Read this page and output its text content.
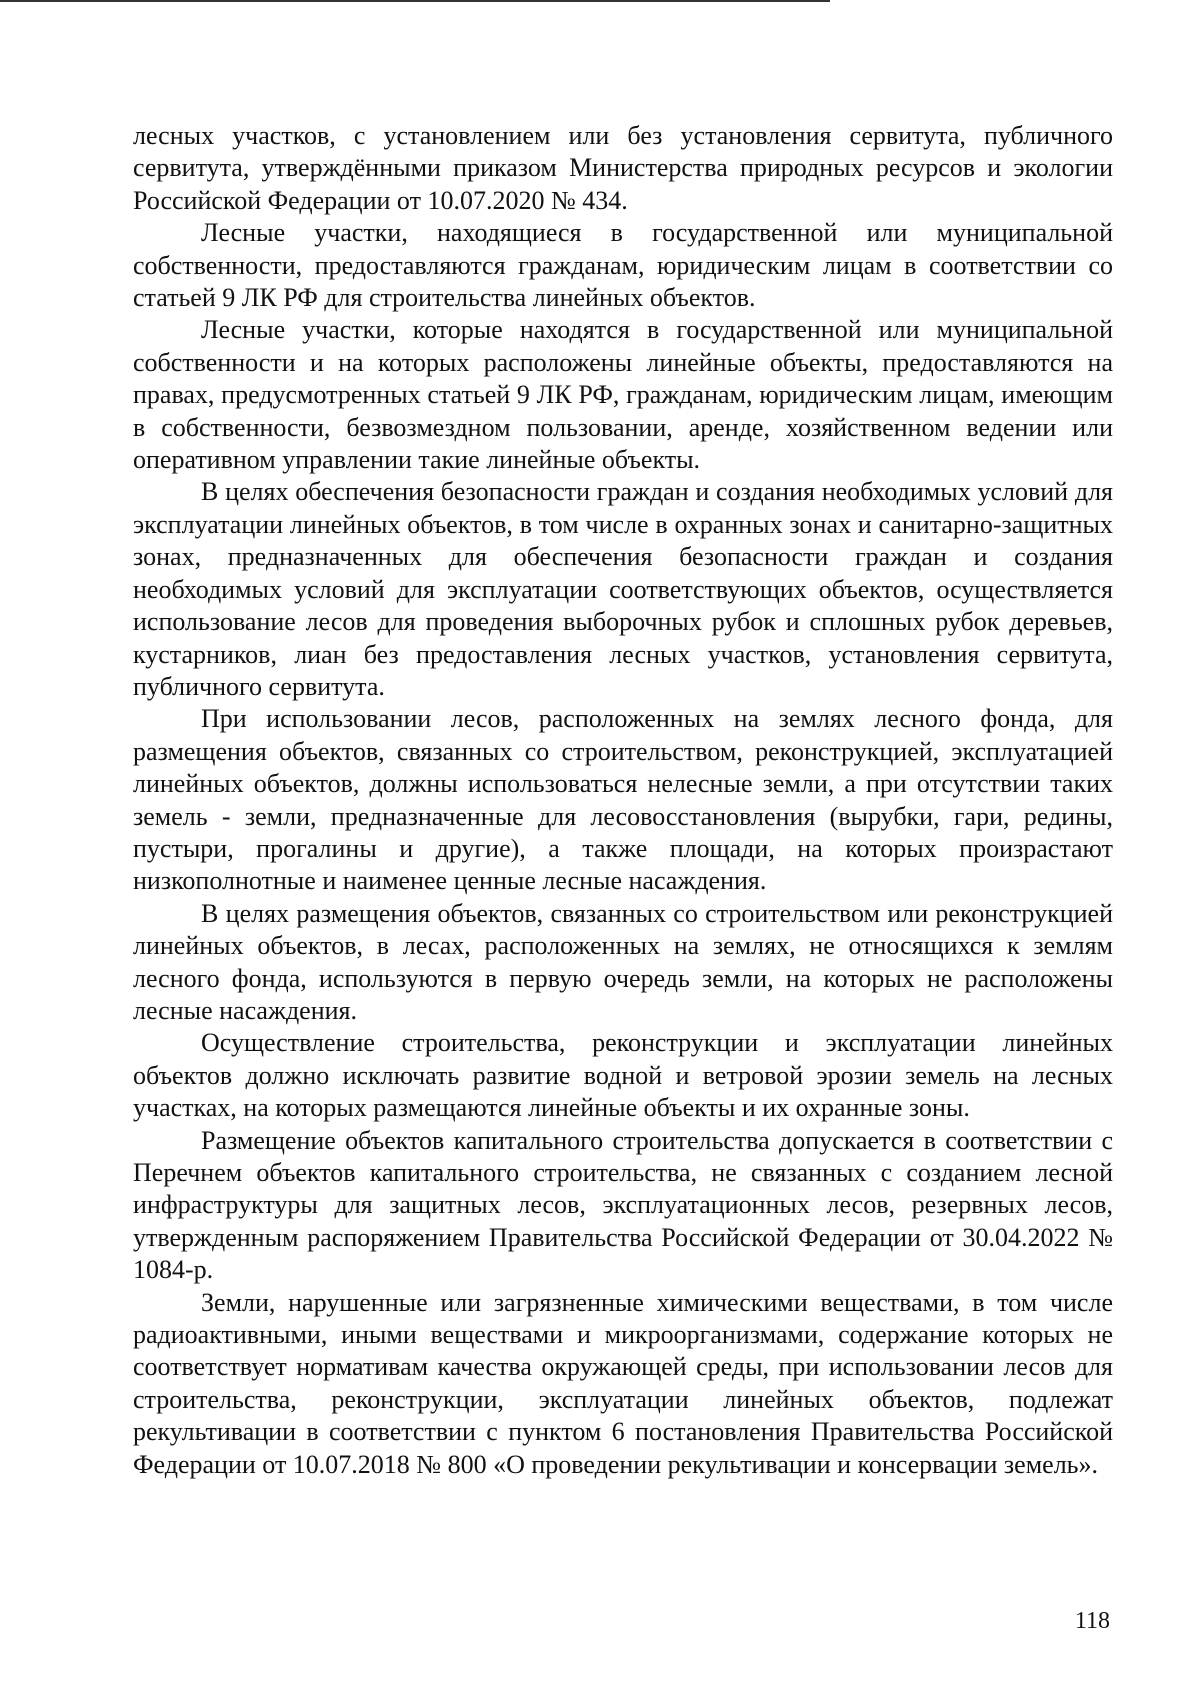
лесных участков, с установлением или без установления сервитута, публичного сервитута, утверждёнными приказом Министерства природных ресурсов и экологии Российской Федерации от 10.07.2020 № 434.

Лесные участки, находящиеся в государственной или муниципальной собственности, предоставляются гражданам, юридическим лицам в соответствии со статьей 9 ЛК РФ для строительства линейных объектов.

Лесные участки, которые находятся в государственной или муниципальной собственности и на которых расположены линейные объекты, предоставляются на правах, предусмотренных статьей 9 ЛК РФ, гражданам, юридическим лицам, имеющим в собственности, безвозмездном пользовании, аренде, хозяйственном ведении или оперативном управлении такие линейные объекты.

В целях обеспечения безопасности граждан и создания необходимых условий для эксплуатации линейных объектов, в том числе в охранных зонах и санитарно-защитных зонах, предназначенных для обеспечения безопасности граждан и создания необходимых условий для эксплуатации соответствующих объектов, осуществляется использование лесов для проведения выборочных рубок и сплошных рубок деревьев, кустарников, лиан без предоставления лесных участков, установления сервитута, публичного сервитута.

При использовании лесов, расположенных на землях лесного фонда, для размещения объектов, связанных со строительством, реконструкцией, эксплуатацией линейных объектов, должны использоваться нелесные земли, а при отсутствии таких земель - земли, предназначенные для лесовосстановления (вырубки, гари, редины, пустыри, прогалины и другие), а также площади, на которых произрастают низкополнотные и наименее ценные лесные насаждения.

В целях размещения объектов, связанных со строительством или реконструкцией линейных объектов, в лесах, расположенных на землях, не относящихся к землям лесного фонда, используются в первую очередь земли, на которых не расположены лесные насаждения.

Осуществление строительства, реконструкции и эксплуатации линейных объектов должно исключать развитие водной и ветровой эрозии земель на лесных участках, на которых размещаются линейные объекты и их охранные зоны.

Размещение объектов капитального строительства допускается в соответствии с Перечнем объектов капитального строительства, не связанных с созданием лесной инфраструктуры для защитных лесов, эксплуатационных лесов, резервных лесов, утвержденным распоряжением Правительства Российской Федерации от 30.04.2022 № 1084-р.

Земли, нарушенные или загрязненные химическими веществами, в том числе радиоактивными, иными веществами и микроорганизмами, содержание которых не соответствует нормативам качества окружающей среды, при использовании лесов для строительства, реконструкции, эксплуатации линейных объектов, подлежат рекультивации в соответствии с пунктом 6 постановления Правительства Российской Федерации от 10.07.2018 № 800 «О проведении рекультивации и консервации земель».

118
